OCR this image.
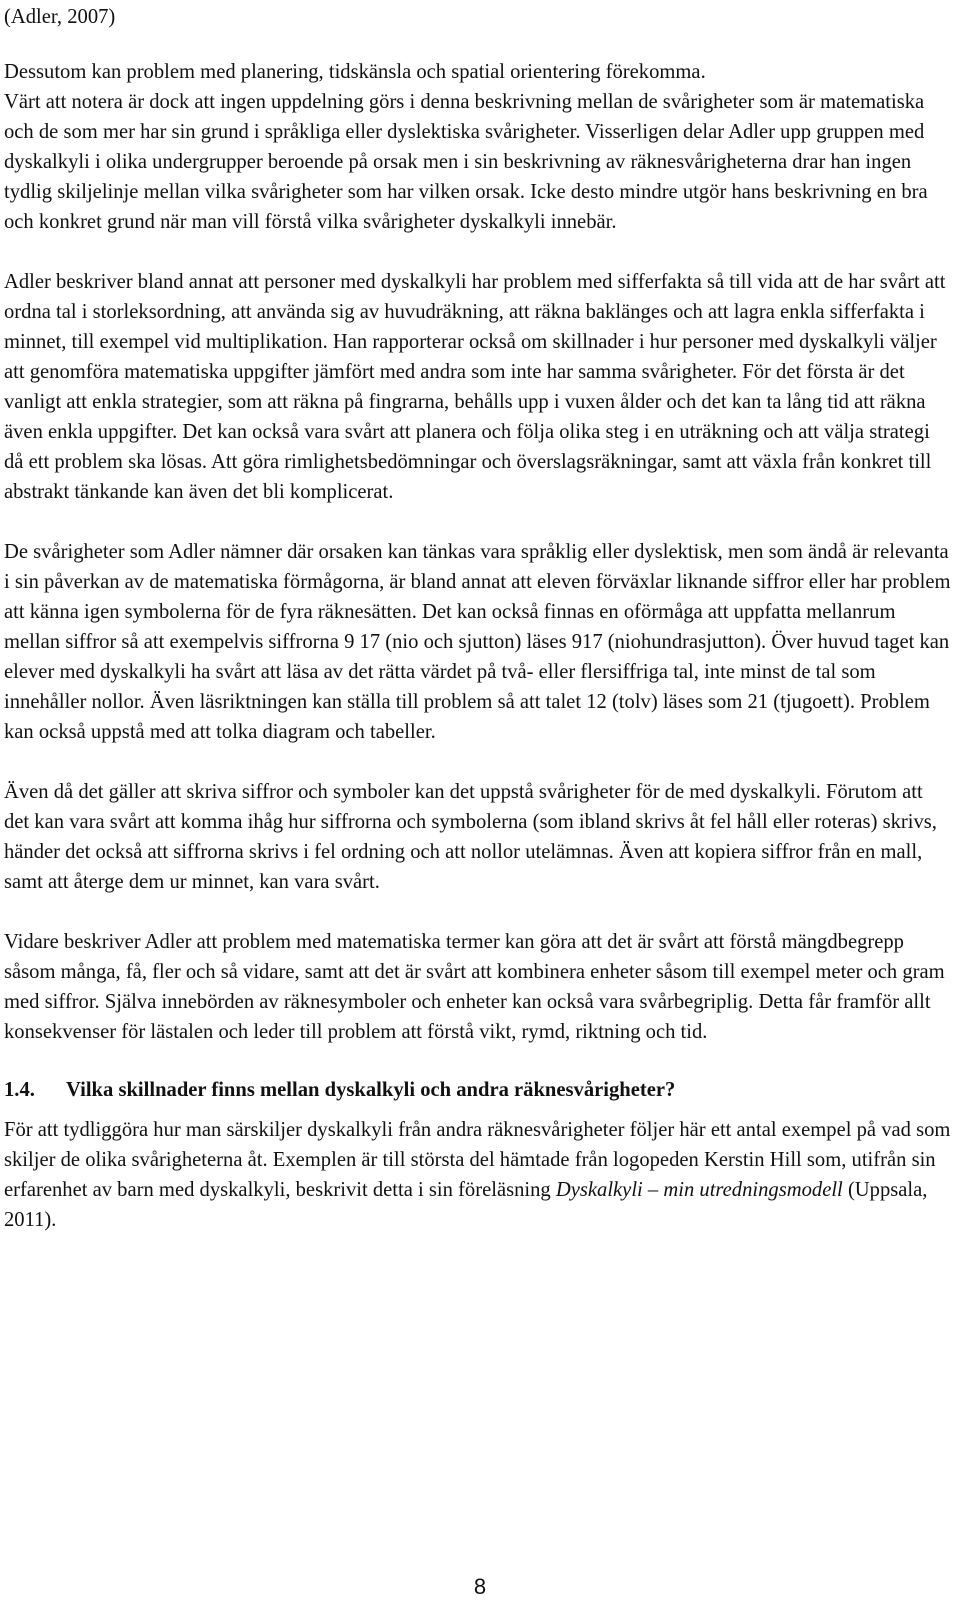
(Adler, 2007)

Dessutom kan problem med planering, tidskänsla och spatial orientering förekomma.

Värt att notera är dock att ingen uppdelning görs i denna beskrivning mellan de svårigheter som är matematiska och de som mer har sin grund i språkliga eller dyslektiska svårigheter. Visserligen delar Adler upp gruppen med dyskalkyli i olika undergrupper beroende på orsak men i sin beskrivning av räknesvårigheterna drar han ingen tydlig skiljelinje mellan vilka svårigheter som har vilken orsak. Icke desto mindre utgör hans beskrivning en bra och konkret grund när man vill förstå vilka svårigheter dyskalkyli innebär.

Adler beskriver bland annat att personer med dyskalkyli har problem med sifferfakta så till vida att de har svårt att ordna tal i storleksordning, att använda sig av huvudräkning, att räkna baklänges och att lagra enkla sifferfakta i minnet, till exempel vid multiplikation. Han rapporterar också om skillnader i hur personer med dyskalkyli väljer att genomföra matematiska uppgifter jämfört med andra som inte har samma svårigheter. För det första är det vanligt att enkla strategier, som att räkna på fingrarna, behålls upp i vuxen ålder och det kan ta lång tid att räkna även enkla uppgifter. Det kan också vara svårt att planera och följa olika steg i en uträkning och att välja strategi då ett problem ska lösas. Att göra rimlighetsbedömningar och överslagsräkningar, samt att växla från konkret till abstrakt tänkande kan även det bli komplicerat.

De svårigheter som Adler nämner där orsaken kan tänkas vara språklig eller dyslektisk, men som ändå är relevanta i sin påverkan av de matematiska förmågorna, är bland annat att eleven förväxlar liknande siffror eller har problem att känna igen symbolerna för de fyra räknesätten. Det kan också finnas en oförmåga att uppfatta mellanrum mellan siffror så att exempelvis siffrorna 9 17 (nio och sjutton) läses 917 (niohundrasjutton). Över huvud taget kan elever med dyskalkyli ha svårt att läsa av det rätta värdet på två- eller flersiffriga tal, inte minst de tal som innehåller nollor. Även läsriktningen kan ställa till problem så att talet 12 (tolv) läses som 21 (tjugoett). Problem kan också uppstå med att tolka diagram och tabeller.

Även då det gäller att skriva siffror och symboler kan det uppstå svårigheter för de med dyskalkyli. Förutom att det kan vara svårt att komma ihåg hur siffrorna och symbolerna (som ibland skrivs åt fel håll eller roteras) skrivs, händer det också att siffrorna skrivs i fel ordning och att nollor utelämnas. Även att kopiera siffror från en mall, samt att återge dem ur minnet, kan vara svårt.

Vidare beskriver Adler att problem med matematiska termer kan göra att det är svårt att förstå mängdbegrepp såsom många, få, fler och så vidare, samt att det är svårt att kombinera enheter såsom till exempel meter och gram med siffror. Själva innebörden av räknesymboler och enheter kan också vara svårbegriplig. Detta får framför allt konsekvenser för lästalen och leder till problem att förstå vikt, rymd, riktning och tid.

1.4.	Vilka skillnader finns mellan dyskalkyli och andra räknesvårigheter?

För att tydliggöra hur man särskiljer dyskalkyli från andra räknesvårigheter följer här ett antal exempel på vad som skiljer de olika svårigheterna åt. Exemplen är till största del hämtade från logopeden Kerstin Hill som, utifrån sin erfarenhet av barn med dyskalkyli, beskrivit detta i sin föreläsning Dyskalkyli – min utredningsmodell (Uppsala, 2011).

8
